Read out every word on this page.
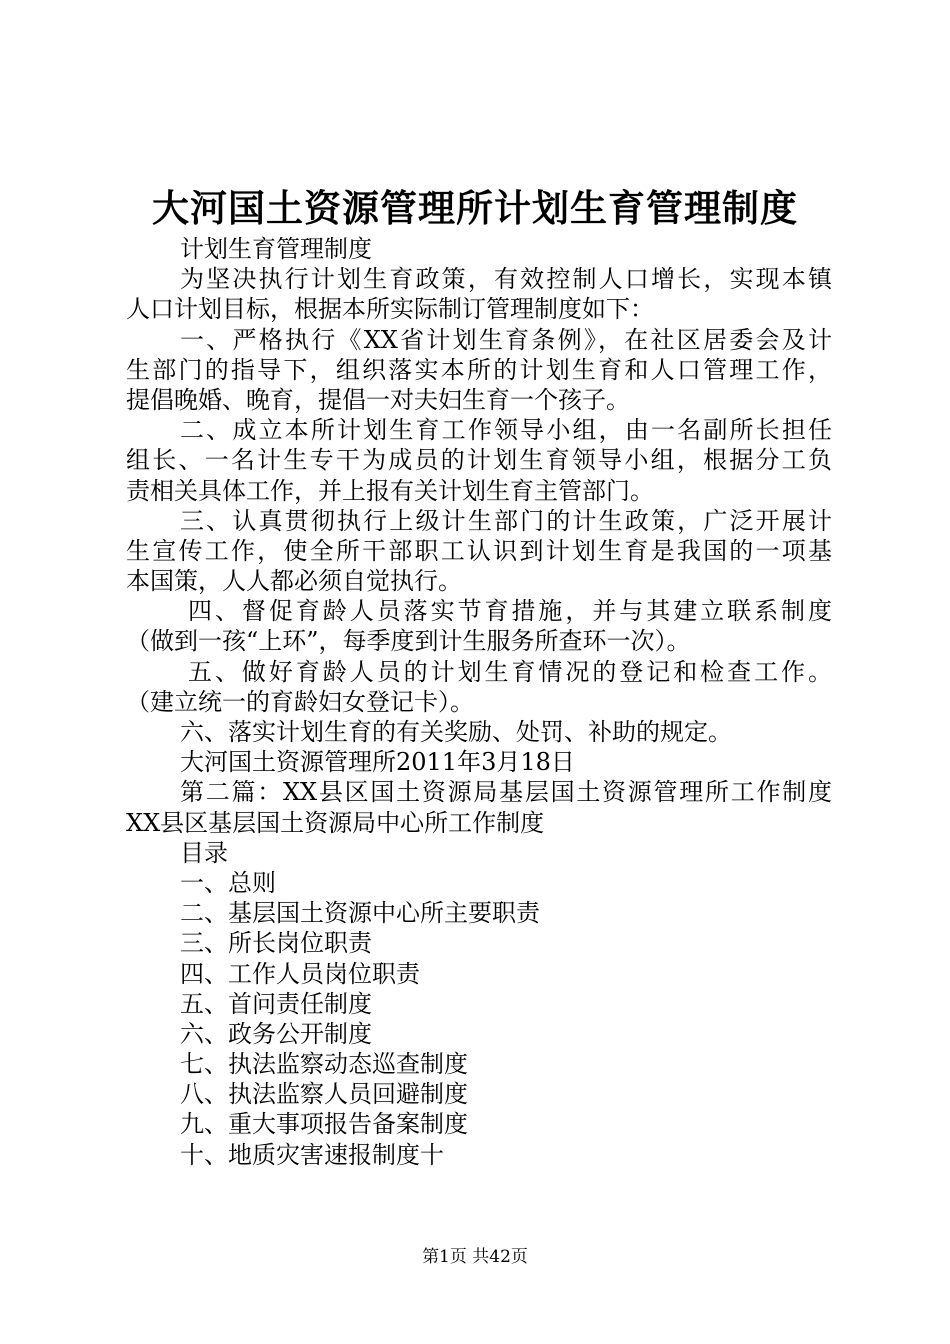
大河国土资源管理所计划生育管理制度
计划生育管理制度
为坚决执行计划生育政策，有效控制人口增长，实现本镇
人口计划目标，根据本所实际制订管理制度如下：
一、严格执行《XX省计划生育条例》，在社区居委会及计
生部门的指导下，组织落实本所的计划生育和人口管理工作，
提倡晚婚、晚育，提倡一对夫妇生育一个孩子。
二、成立本所计划生育工作领导小组，由一名副所长担任
组长、一名计生专干为成员的计划生育领导小组，根据分工负
责相关具体工作，并上报有关计划生育主管部门。
三、认真贯彻执行上级计生部门的计生政策，广泛开展计
生宣传工作，使全所干部职工认识到计划生育是我国的一项基
本国策，人人都必须自觉执行。
四、督促育龄人员落实节育措施，并与其建立联系制度
（做到一孩“上环”，每季度到计生服务所查环一次）。
五、做好育龄人员的计划生育情况的登记和检查工作。
（建立统一的育龄妇女登记卡）。
六、落实计划生育的有关奖励、处罚、补助的规定。
大河国土资源管理所2011年3月18日
第二篇：XX县区国土资源局基层国土资源管理所工作制度
XX县区基层国土资源局中心所工作制度
目录
一、总则
二、基层国土资源中心所主要职责
三、所长岗位职责
四、工作人员岗位职责
五、首问责任制度
六、政务公开制度
七、执法监察动态巡查制度
八、执法监察人员回避制度
九、重大事项报告备案制度
十、地质灾害速报制度十
第1页 共42页
